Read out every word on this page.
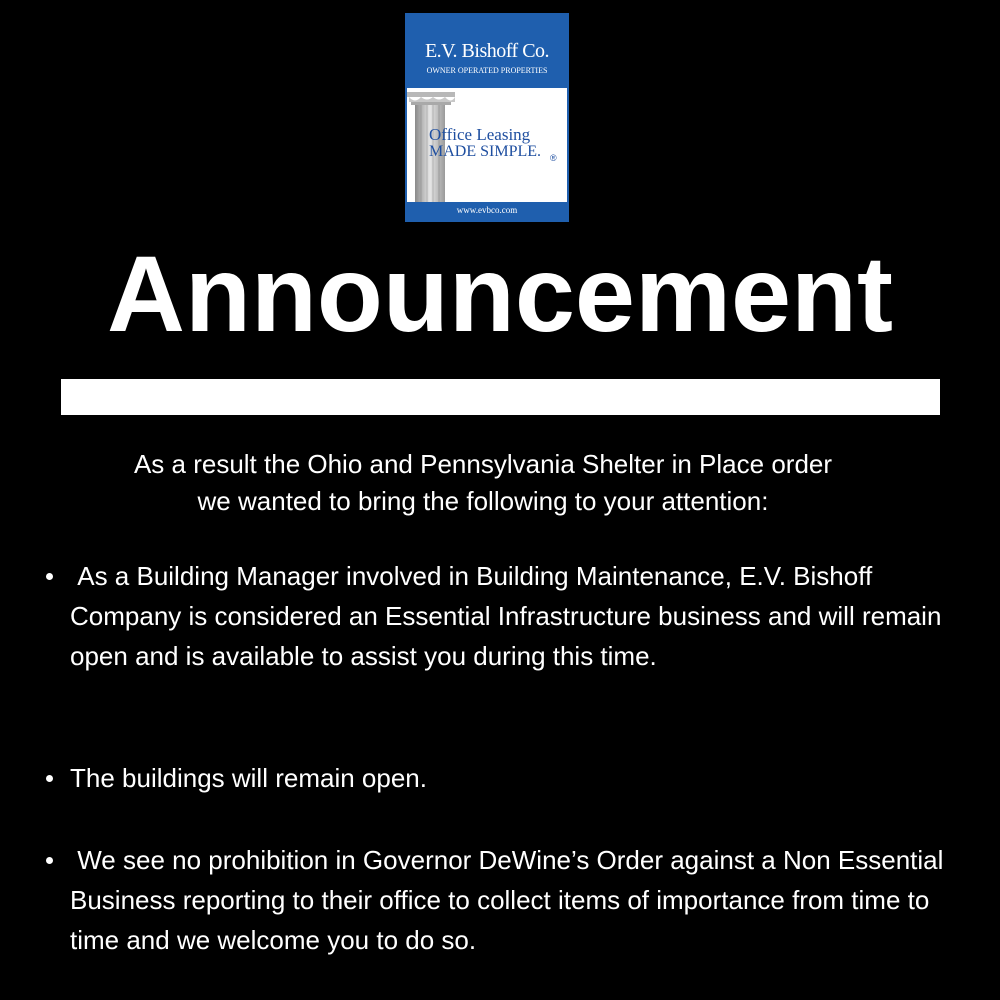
E.V. Bishoff Co.
OWNER OPERATED PROPERTIES
Office Leasing
MADE SIMPLE. ®
www.evbco.com
Announcement
As a result the Ohio and Pennsylvania Shelter in Place order
we wanted to bring the following to your attention:
As a Building Manager involved in Building Maintenance, E.V. Bishoff Company is considered an Essential Infrastructure business and will remain open and is available to assist you during this time.
The buildings will remain open.
We see no prohibition in Governor DeWine’s Order against a Non Essential Business reporting to their office to collect items of importance from time to time and we welcome you to do so.
